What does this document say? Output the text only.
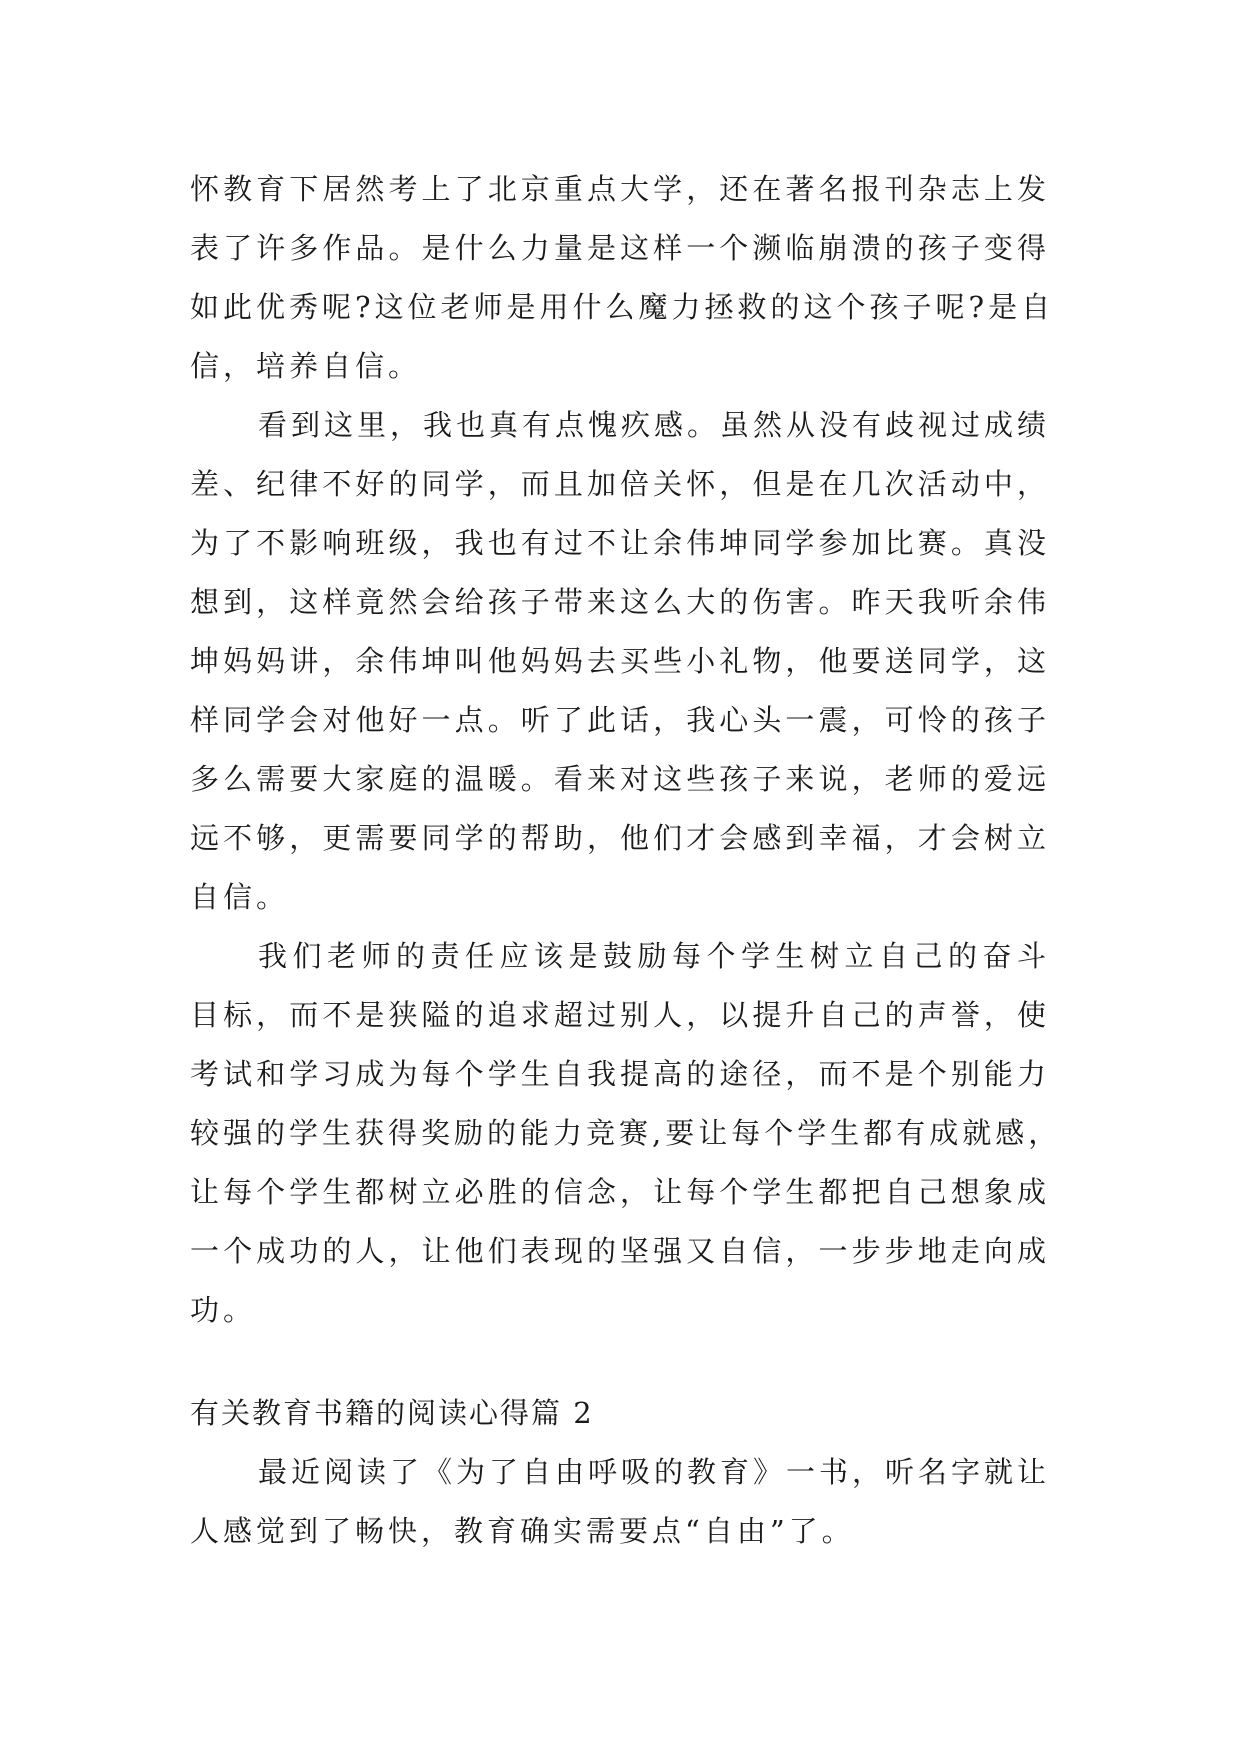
怀教育下居然考上了北京重点大学，还在著名报刊杂志上发
表了许多作品。是什么力量是这样一个濒临崩溃的孩子变得
如此优秀呢?这位老师是用什么魔力拯救的这个孩子呢?是自
信，培养自信。
看到这里，我也真有点愧疚感。虽然从没有歧视过成绩
差、纪律不好的同学，而且加倍关怀，但是在几次活动中，
为了不影响班级，我也有过不让余伟坤同学参加比赛。真没
想到，这样竟然会给孩子带来这么大的伤害。昨天我听余伟
坤妈妈讲，余伟坤叫他妈妈去买些小礼物，他要送同学，这
样同学会对他好一点。听了此话，我心头一震，可怜的孩子
多么需要大家庭的温暖。看来对这些孩子来说，老师的爱远
远不够，更需要同学的帮助，他们才会感到幸福，才会树立
自信。
我们老师的责任应该是鼓励每个学生树立自己的奋斗
目标，而不是狭隘的追求超过别人，以提升自己的声誉，使
考试和学习成为每个学生自我提高的途径，而不是个别能力
较强的学生获得奖励的能力竞赛,要让每个学生都有成就感，
让每个学生都树立必胜的信念，让每个学生都把自己想象成
一个成功的人，让他们表现的坚强又自信，一步步地走向成
功。
有关教育书籍的阅读心得篇 2
最近阅读了《为了自由呼吸的教育》一书，听名字就让
人感觉到了畅快，教育确实需要点“自由”了。
